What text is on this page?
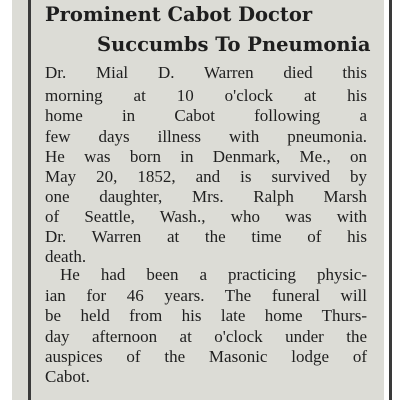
Prominent Cabot Doctor
Succumbs To Pneumonia
Dr. Mial D. Warren died this
morning at 10 o'clock at his
home in Cabot following a
few days illness with pneumonia.
He was born in Denmark, Me., on
May 20, 1852, and is survived by
one daughter, Mrs. Ralph Marsh
of Seattle, Wash., who was with
Dr. Warren at the time of his
death.
He had been a practicing physic-
ian for 46 years. The funeral will
be held from his late home Thurs-
day afternoon at o'clock under the
auspices of the Masonic lodge of
Cabot.
